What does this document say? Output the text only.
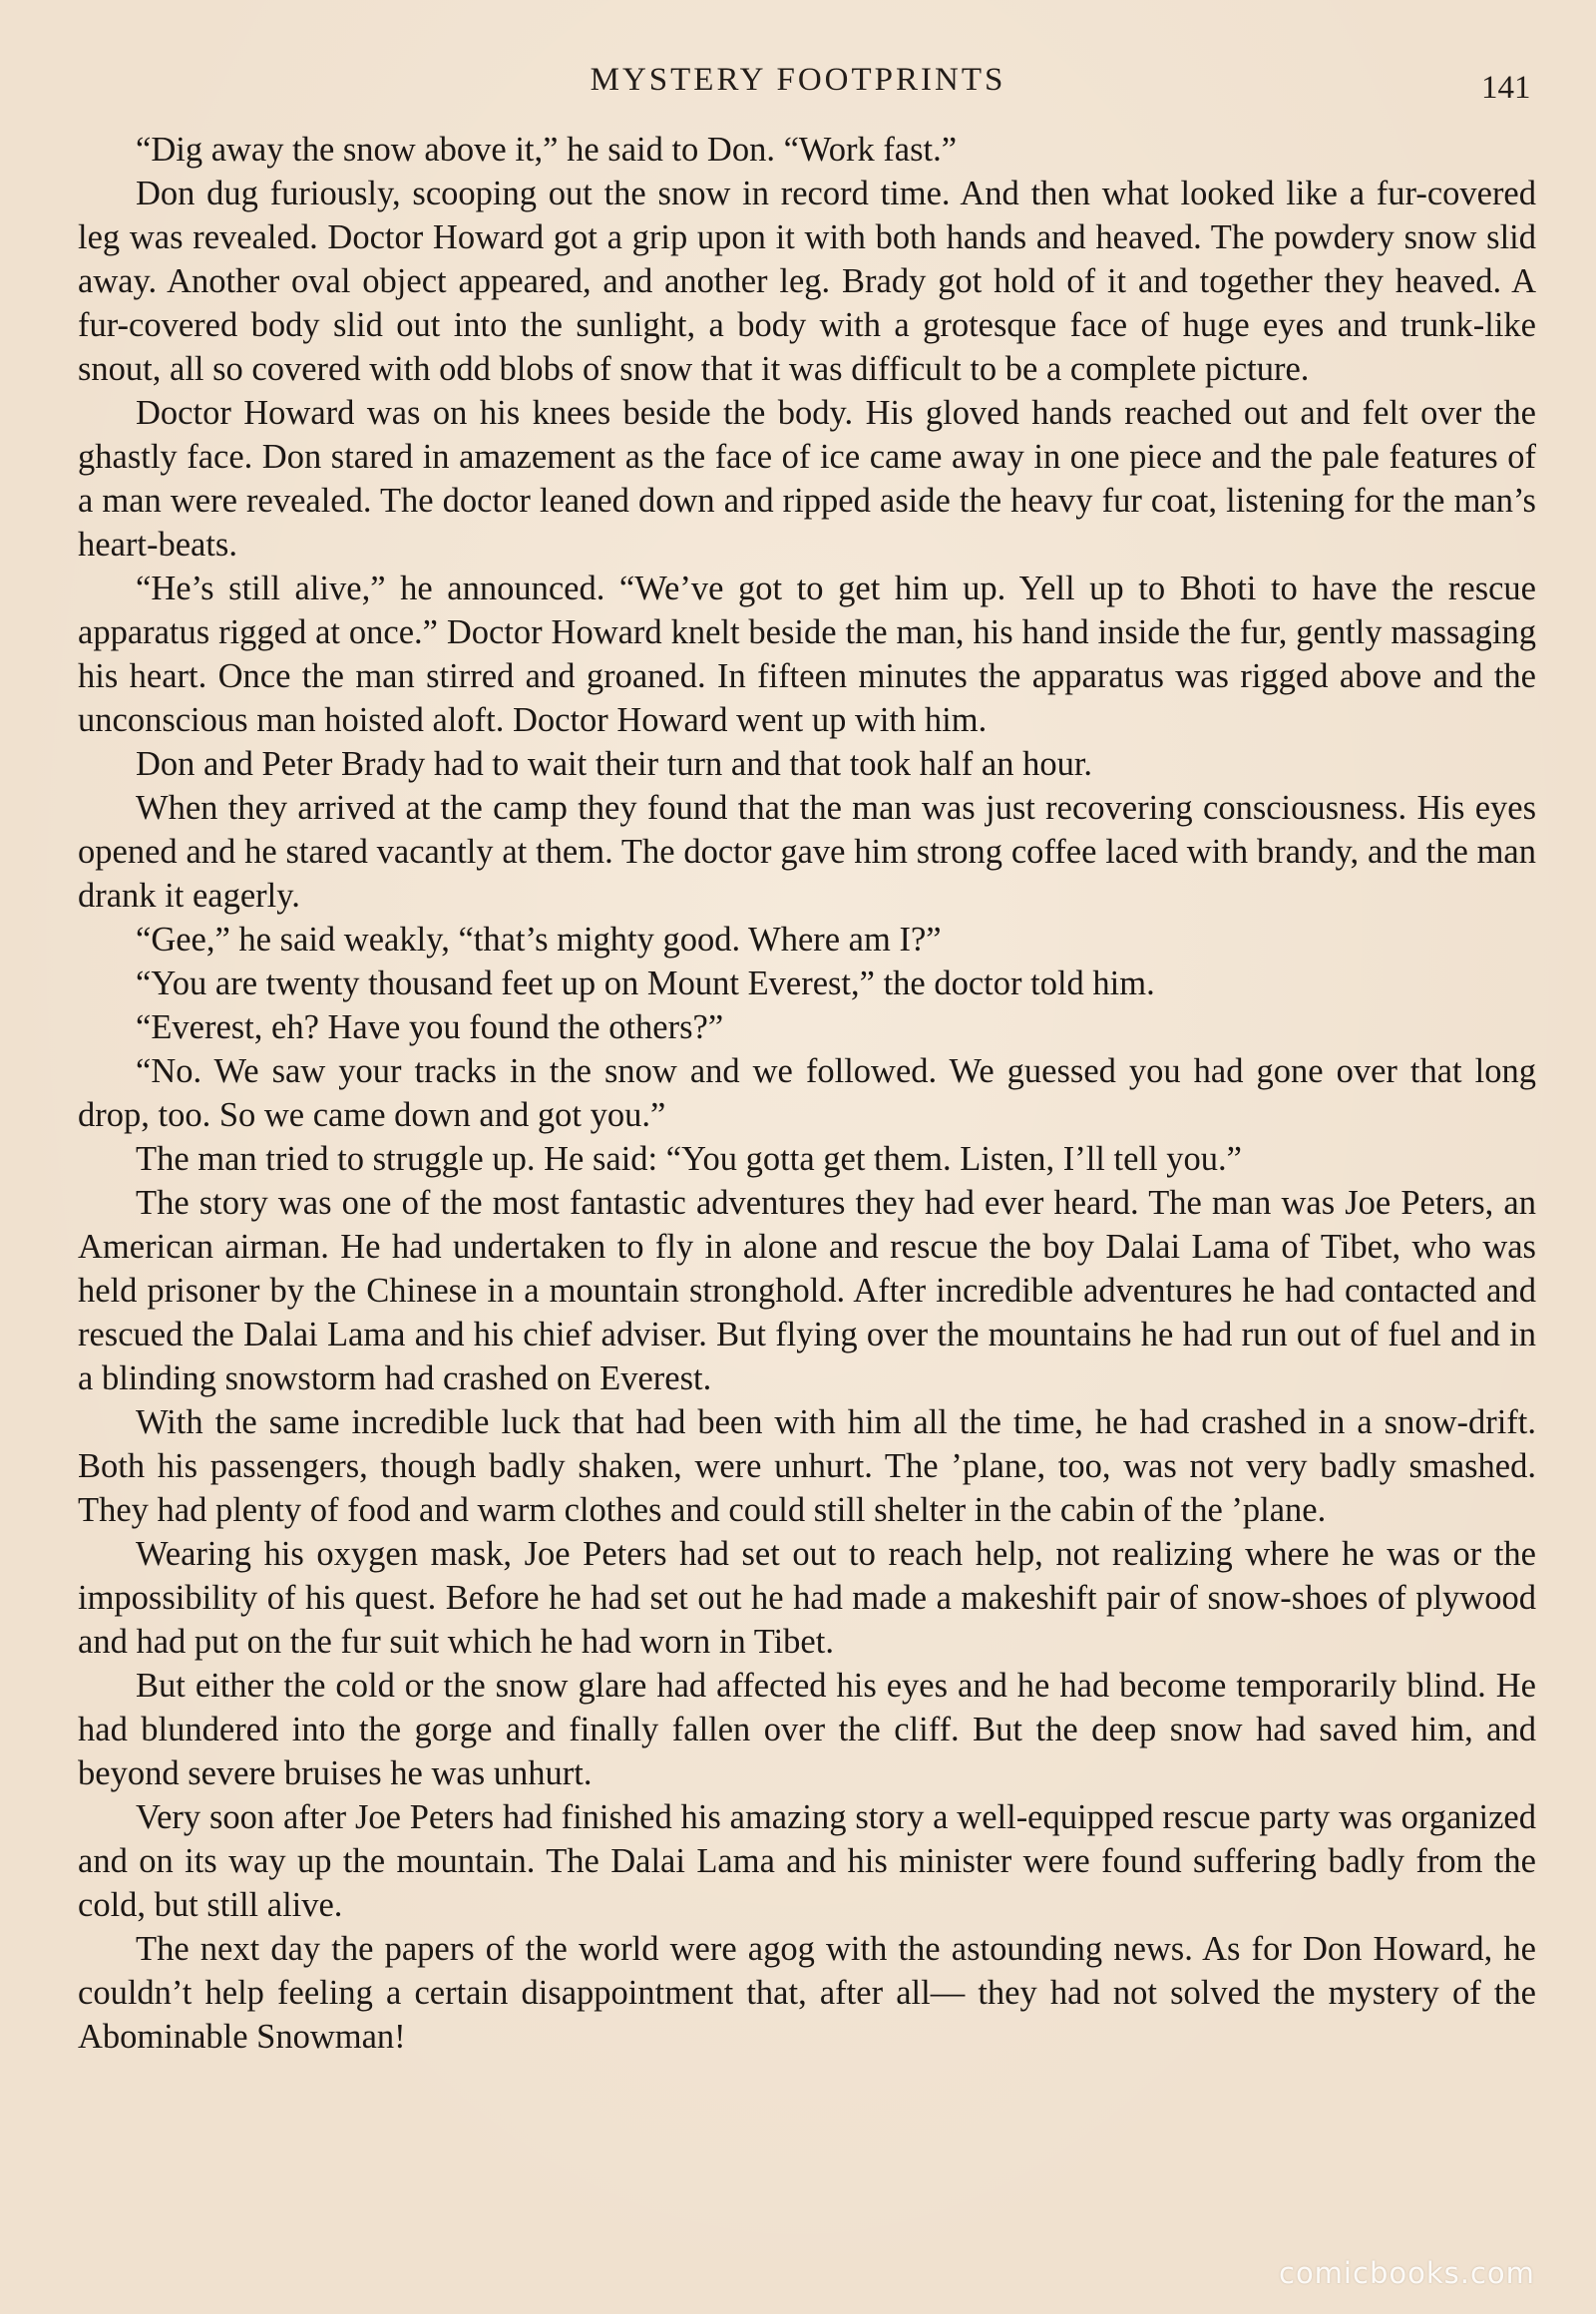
MYSTERY FOOTPRINTS	141

“Dig away the snow above it,” he said to Don. “Work fast.”

Don dug furiously, scooping out the snow in record time. And then what looked like a fur-covered leg was revealed. Doctor Howard got a grip upon it with both hands and heaved. The powdery snow slid away. Another oval object appeared, and another leg. Brady got hold of it and together they heaved. A fur-covered body slid out into the sunlight, a body with a grotesque face of huge eyes and trunk-like snout, all so covered with odd blobs of snow that it was difficult to be a complete picture.

Doctor Howard was on his knees beside the body. His gloved hands reached out and felt over the ghastly face. Don stared in amazement as the face of ice came away in one piece and the pale features of a man were revealed. The doctor leaned down and ripped aside the heavy fur coat, listening for the man’s heart-beats.

“He’s still alive,” he announced. “We’ve got to get him up. Yell up to Bhoti to have the rescue apparatus rigged at once.” Doctor Howard knelt beside the man, his hand inside the fur, gently massaging his heart. Once the man stirred and groaned. In fifteen minutes the apparatus was rigged above and the unconscious man hoisted aloft. Doctor Howard went up with him.

Don and Peter Brady had to wait their turn and that took half an hour.

When they arrived at the camp they found that the man was just recovering consciousness. His eyes opened and he stared vacantly at them. The doctor gave him strong coffee laced with brandy, and the man drank it eagerly.

“Gee,” he said weakly, “that’s mighty good. Where am I?”

“You are twenty thousand feet up on Mount Everest,” the doctor told him.

“Everest, eh? Have you found the others?”

“No. We saw your tracks in the snow and we followed. We guessed you had gone over that long drop, too. So we came down and got you.”

The man tried to struggle up. He said: “You gotta get them. Listen, I’ll tell you.”

The story was one of the most fantastic adventures they had ever heard. The man was Joe Peters, an American airman. He had undertaken to fly in alone and rescue the boy Dalai Lama of Tibet, who was held prisoner by the Chinese in a mountain stronghold. After incredible adventures he had contacted and rescued the Dalai Lama and his chief adviser. But flying over the mountains he had run out of fuel and in a blinding snowstorm had crashed on Everest.

With the same incredible luck that had been with him all the time, he had crashed in a snow-drift. Both his passengers, though badly shaken, were unhurt. The ’plane, too, was not very badly smashed. They had plenty of food and warm clothes and could still shelter in the cabin of the ’plane.

Wearing his oxygen mask, Joe Peters had set out to reach help, not realizing where he was or the impossibility of his quest. Before he had set out he had made a makeshift pair of snow-shoes of plywood and had put on the fur suit which he had worn in Tibet.

But either the cold or the snow glare had affected his eyes and he had become temporarily blind. He had blundered into the gorge and finally fallen over the cliff. But the deep snow had saved him, and beyond severe bruises he was unhurt.

Very soon after Joe Peters had finished his amazing story a well-equipped rescue party was organized and on its way up the mountain. The Dalai Lama and his minister were found suffering badly from the cold, but still alive.

The next day the papers of the world were agog with the astounding news. As for Don Howard, he couldn’t help feeling a certain disappointment that, after all— they had not solved the mystery of the Abominable Snowman!

comicbooks.com
